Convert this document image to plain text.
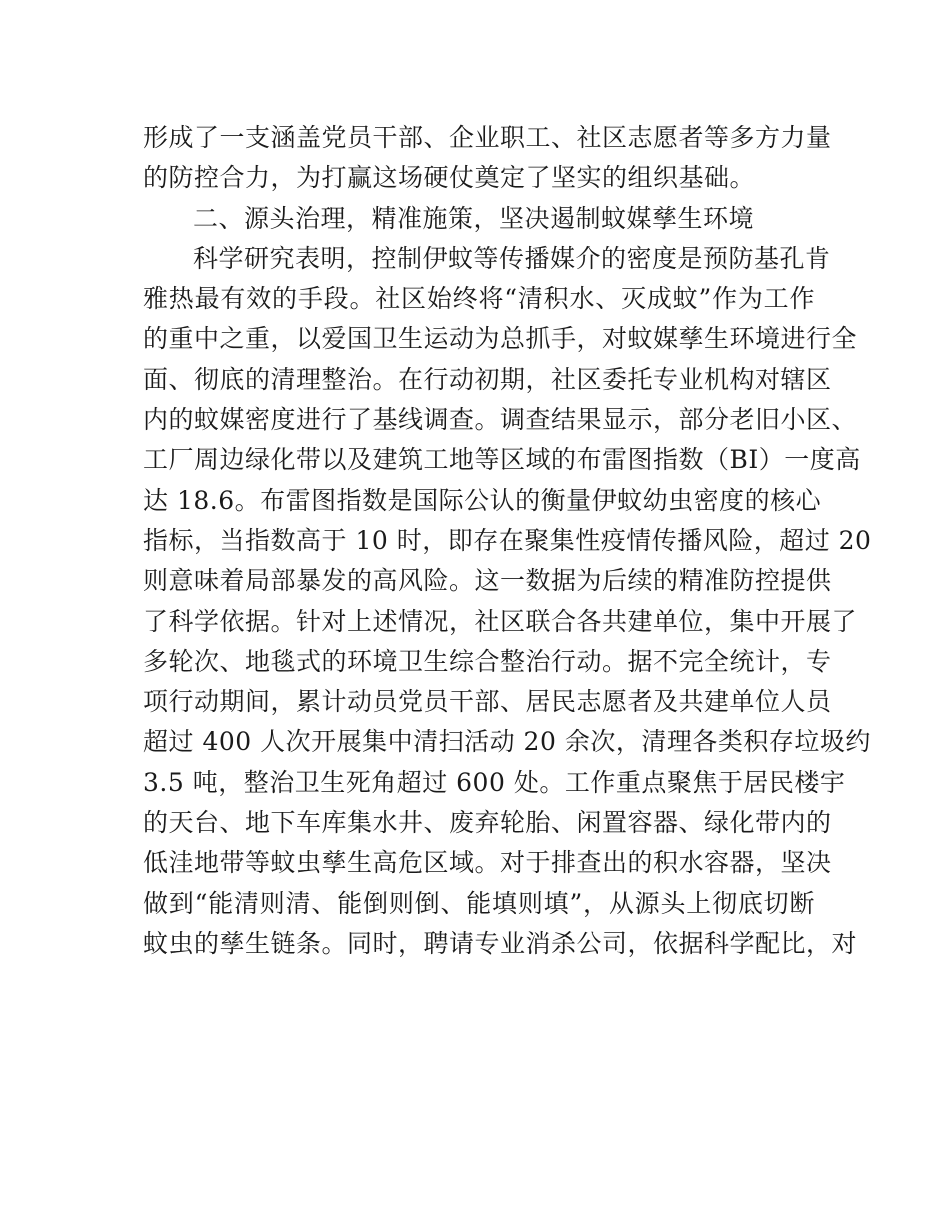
形成了一支涵盖党员干部、企业职工、社区志愿者等多方力量
的防控合力，为打赢这场硬仗奠定了坚实的组织基础。
二、源头治理，精准施策，坚决遏制蚊媒孳生环境
科学研究表明，控制伊蚊等传播媒介的密度是预防基孔肯
雅热最有效的手段。社区始终将“清积水、灭成蚊”作为工作
的重中之重，以爱国卫生运动为总抓手，对蚊媒孳生环境进行全
面、彻底的清理整治。在行动初期，社区委托专业机构对辖区
内的蚊媒密度进行了基线调查。调查结果显示，部分老旧小区、
工厂周边绿化带以及建筑工地等区域的布雷图指数（BI）一度高
达 18.6。布雷图指数是国际公认的衡量伊蚊幼虫密度的核心
指标，当指数高于 10 时，即存在聚集性疫情传播风险，超过 20
则意味着局部暴发的高风险。这一数据为后续的精准防控提供
了科学依据。针对上述情况，社区联合各共建单位，集中开展了
多轮次、地毯式的环境卫生综合整治行动。据不完全统计，专
项行动期间，累计动员党员干部、居民志愿者及共建单位人员
超过 400 人次开展集中清扫活动 20 余次，清理各类积存垃圾约
3.5 吨，整治卫生死角超过 600 处。工作重点聚焦于居民楼宇
的天台、地下车库集水井、废弃轮胎、闲置容器、绿化带内的
低洼地带等蚊虫孳生高危区域。对于排查出的积水容器，坚决
做到“能清则清、能倒则倒、能填则填”，从源头上彻底切断
蚊虫的孳生链条。同时，聘请专业消杀公司，依据科学配比，对
